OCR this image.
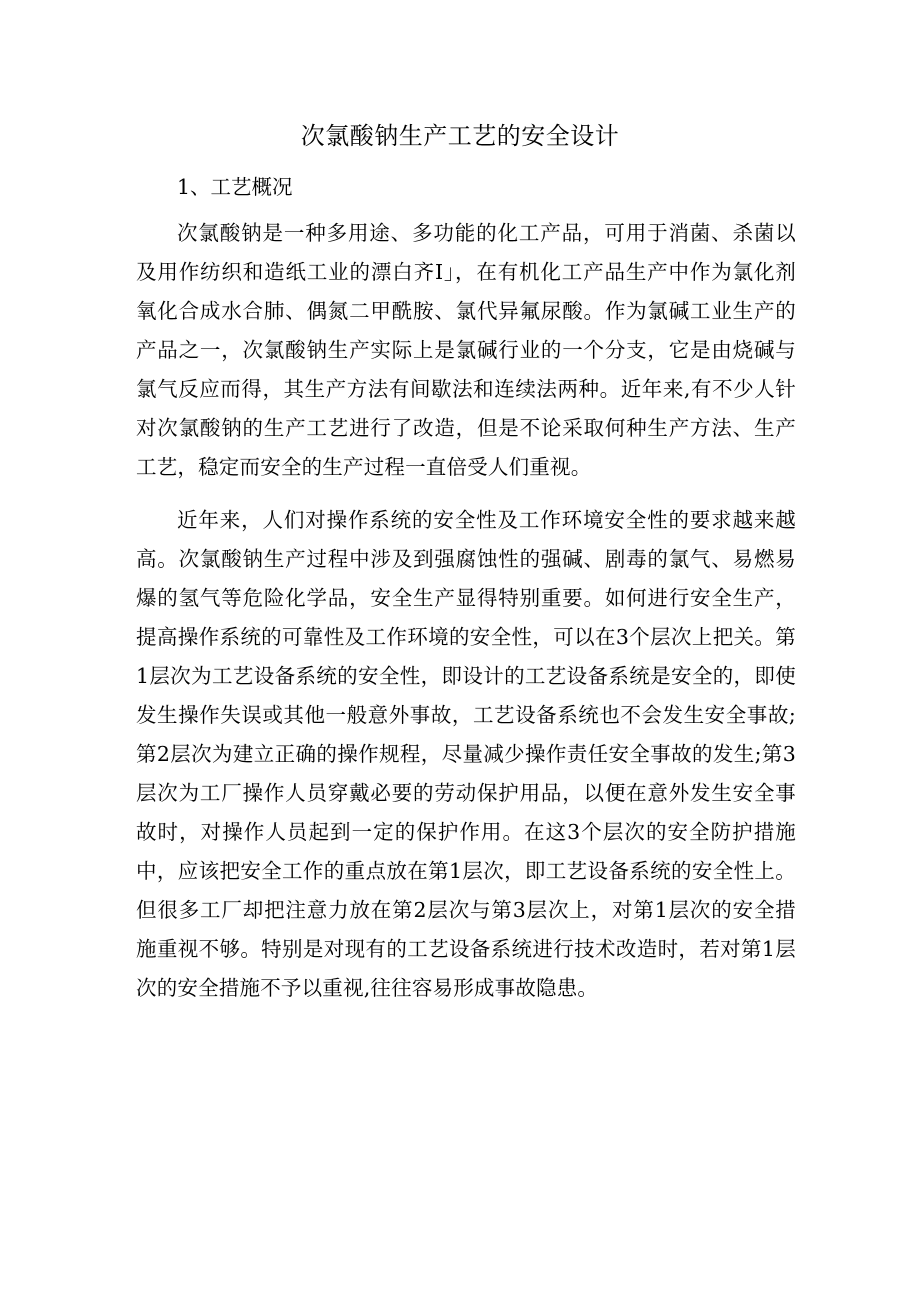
次氯酸钠生产工艺的安全设计
1、工艺概况

次氯酸钠是一种多用途、多功能的化工产品，可用于消菌、杀菌以及用作纺织和造纸工业的漂白齐I」，在有机化工产品生产中作为氯化剂氧化合成水合肺、偶氮二甲酰胺、氯代异氟尿酸。作为氯碱工业生产的产品之一，次氯酸钠生产实际上是氯碱行业的一个分支，它是由烧碱与氯气反应而得，其生产方法有间歇法和连续法两种。近年来,有不少人针对次氯酸钠的生产工艺进行了改造，但是不论采取何种生产方法、生产工艺，稳定而安全的生产过程一直倍受人们重视。

近年来，人们对操作系统的安全性及工作环境安全性的要求越来越高。次氯酸钠生产过程中涉及到强腐蚀性的强碱、剧毒的氯气、易燃易爆的氢气等危险化学品，安全生产显得特别重要。如何进行安全生产，提高操作系统的可靠性及工作环境的安全性，可以在3个层次上把关。第1层次为工艺设备系统的安全性，即设计的工艺设备系统是安全的，即使发生操作失误或其他一般意外事故，工艺设备系统也不会发生安全事故;第2层次为建立正确的操作规程，尽量减少操作责任安全事故的发生;第3层次为工厂操作人员穿戴必要的劳动保护用品，以便在意外发生安全事故时，对操作人员起到一定的保护作用。在这3个层次的安全防护措施中，应该把安全工作的重点放在第1层次，即工艺设备系统的安全性上。但很多工厂却把注意力放在第2层次与第3层次上，对第1层次的安全措施重视不够。特别是对现有的工艺设备系统进行技术改造时，若对第1层次的安全措施不予以重视,往往容易形成事故隐患。
